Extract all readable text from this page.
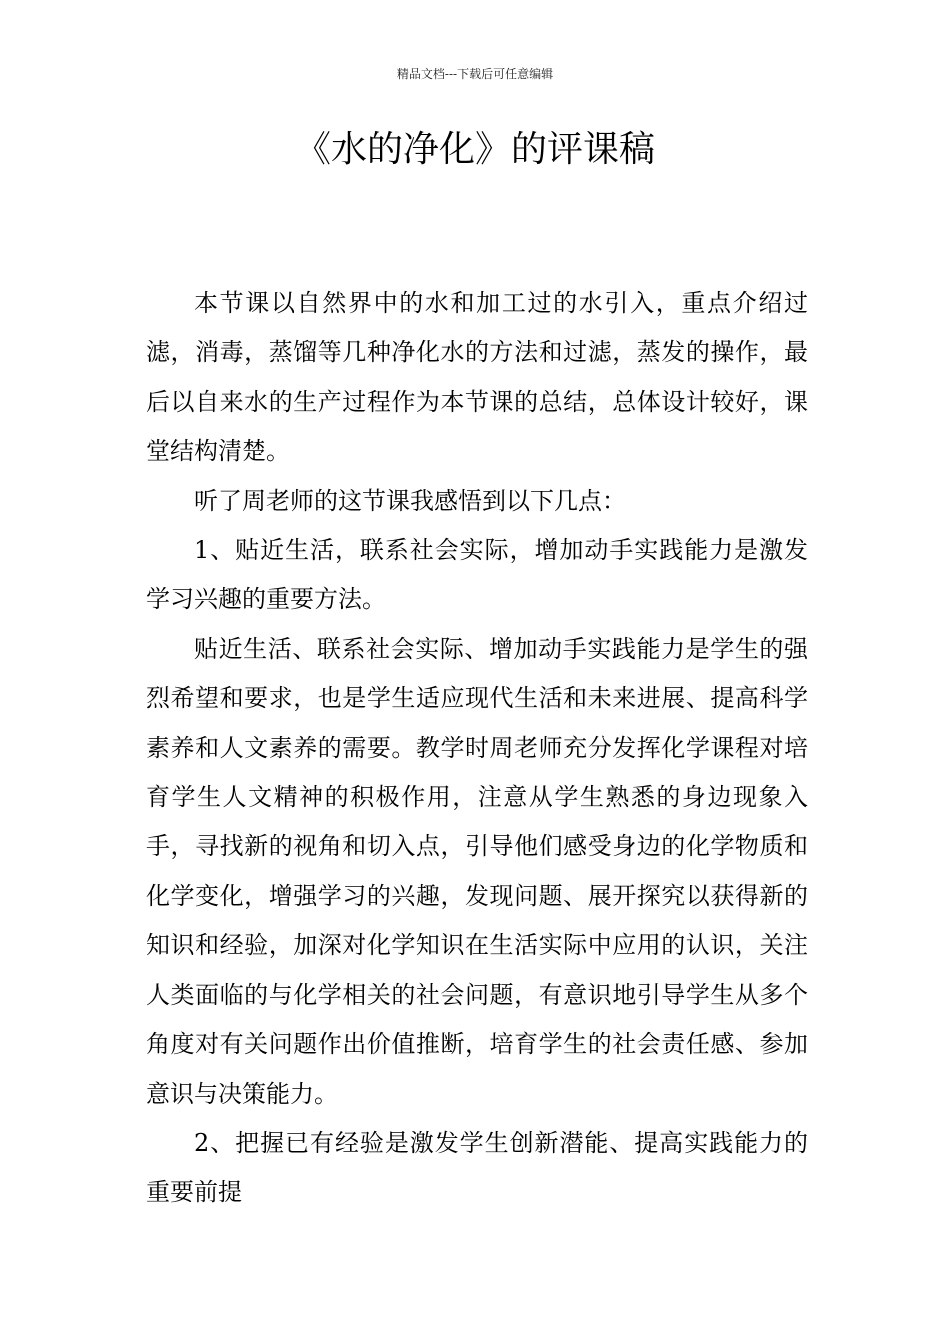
精品文档---下载后可任意编辑
《水的净化》的评课稿

本节课以自然界中的水和加工过的水引入，重点介绍过滤，消毒，蒸馏等几种净化水的方法和过滤，蒸发的操作，最后以自来水的生产过程作为本节课的总结，总体设计较好，课堂结构清楚。

听了周老师的这节课我感悟到以下几点：

1、贴近生活，联系社会实际，增加动手实践能力是激发学习兴趣的重要方法。

贴近生活、联系社会实际、增加动手实践能力是学生的强烈希望和要求，也是学生适应现代生活和未来进展、提高科学素养和人文素养的需要。教学时周老师充分发挥化学课程对培育学生人文精神的积极作用，注意从学生熟悉的身边现象入手，寻找新的视角和切入点，引导他们感受身边的化学物质和化学变化，增强学习的兴趣，发现问题、展开探究以获得新的知识和经验，加深对化学知识在生活实际中应用的认识，关注人类面临的与化学相关的社会问题，有意识地引导学生从多个角度对有关问题作出价值推断，培育学生的社会责任感、参加意识与决策能力。

2、把握已有经验是激发学生创新潜能、提高实践能力的重要前提
